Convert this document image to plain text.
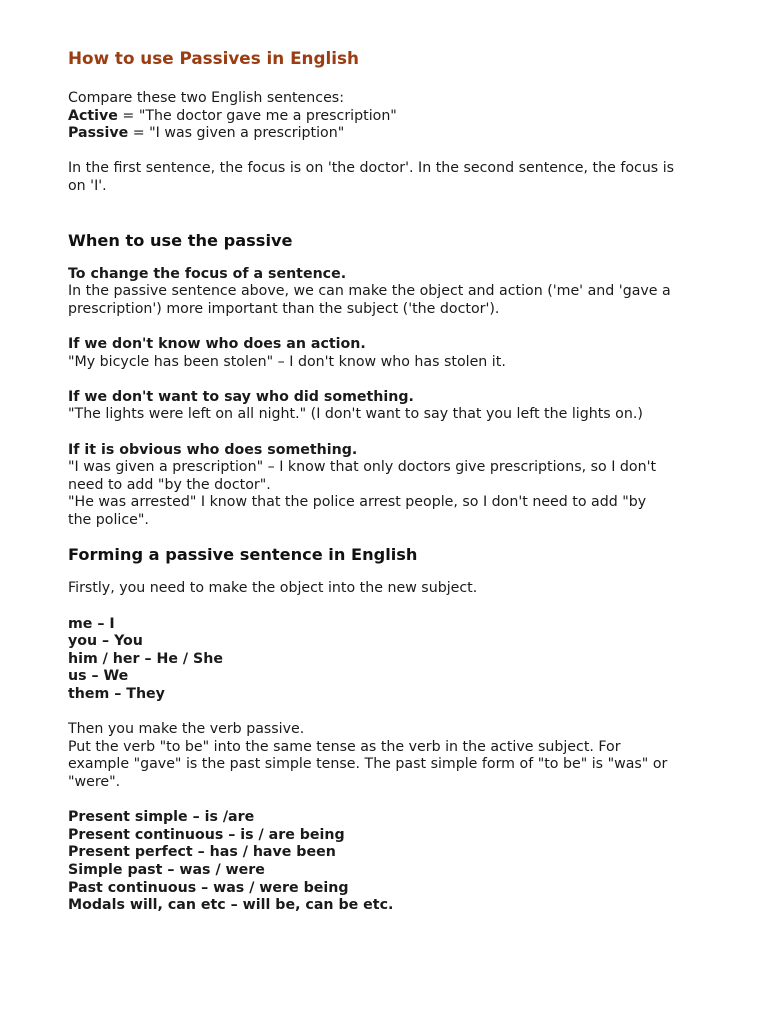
How to use Passives in English

Compare these two English sentences:

Active = "The doctor gave me a prescription"

Passive = "I was given a prescription"

In the first sentence, the focus is on 'the doctor'. In the second sentence, the focus is

on 'I'.

When to use the passive

To change the focus of a sentence.

In the passive sentence above, we can make the object and action ('me' and 'gave a

prescription') more important than the subject ('the doctor').

If we don't know who does an action.

"My bicycle has been stolen" – I don't know who has stolen it.

If we don't want to say who did something.

"The lights were left on all night." (I don't want to say that you left the lights on.)

If it is obvious who does something.

"I was given a prescription" – I know that only doctors give prescriptions, so I don't

need to add "by the doctor".

"He was arrested" I know that the police arrest people, so I don't need to add "by

the police".

Forming a passive sentence in English

Firstly, you need to make the object into the new subject.

me – I

you – You

him / her – He / She

us – We

them – They

Then you make the verb passive.

Put the verb "to be" into the same tense as the verb in the active subject. For

example "gave" is the past simple tense. The past simple form of "to be" is "was" or

"were".

Present simple – is /are

Present continuous – is / are being

Present perfect – has / have been

Simple past – was / were

Past continuous – was / were being

Modals will, can etc – will be, can be etc.
